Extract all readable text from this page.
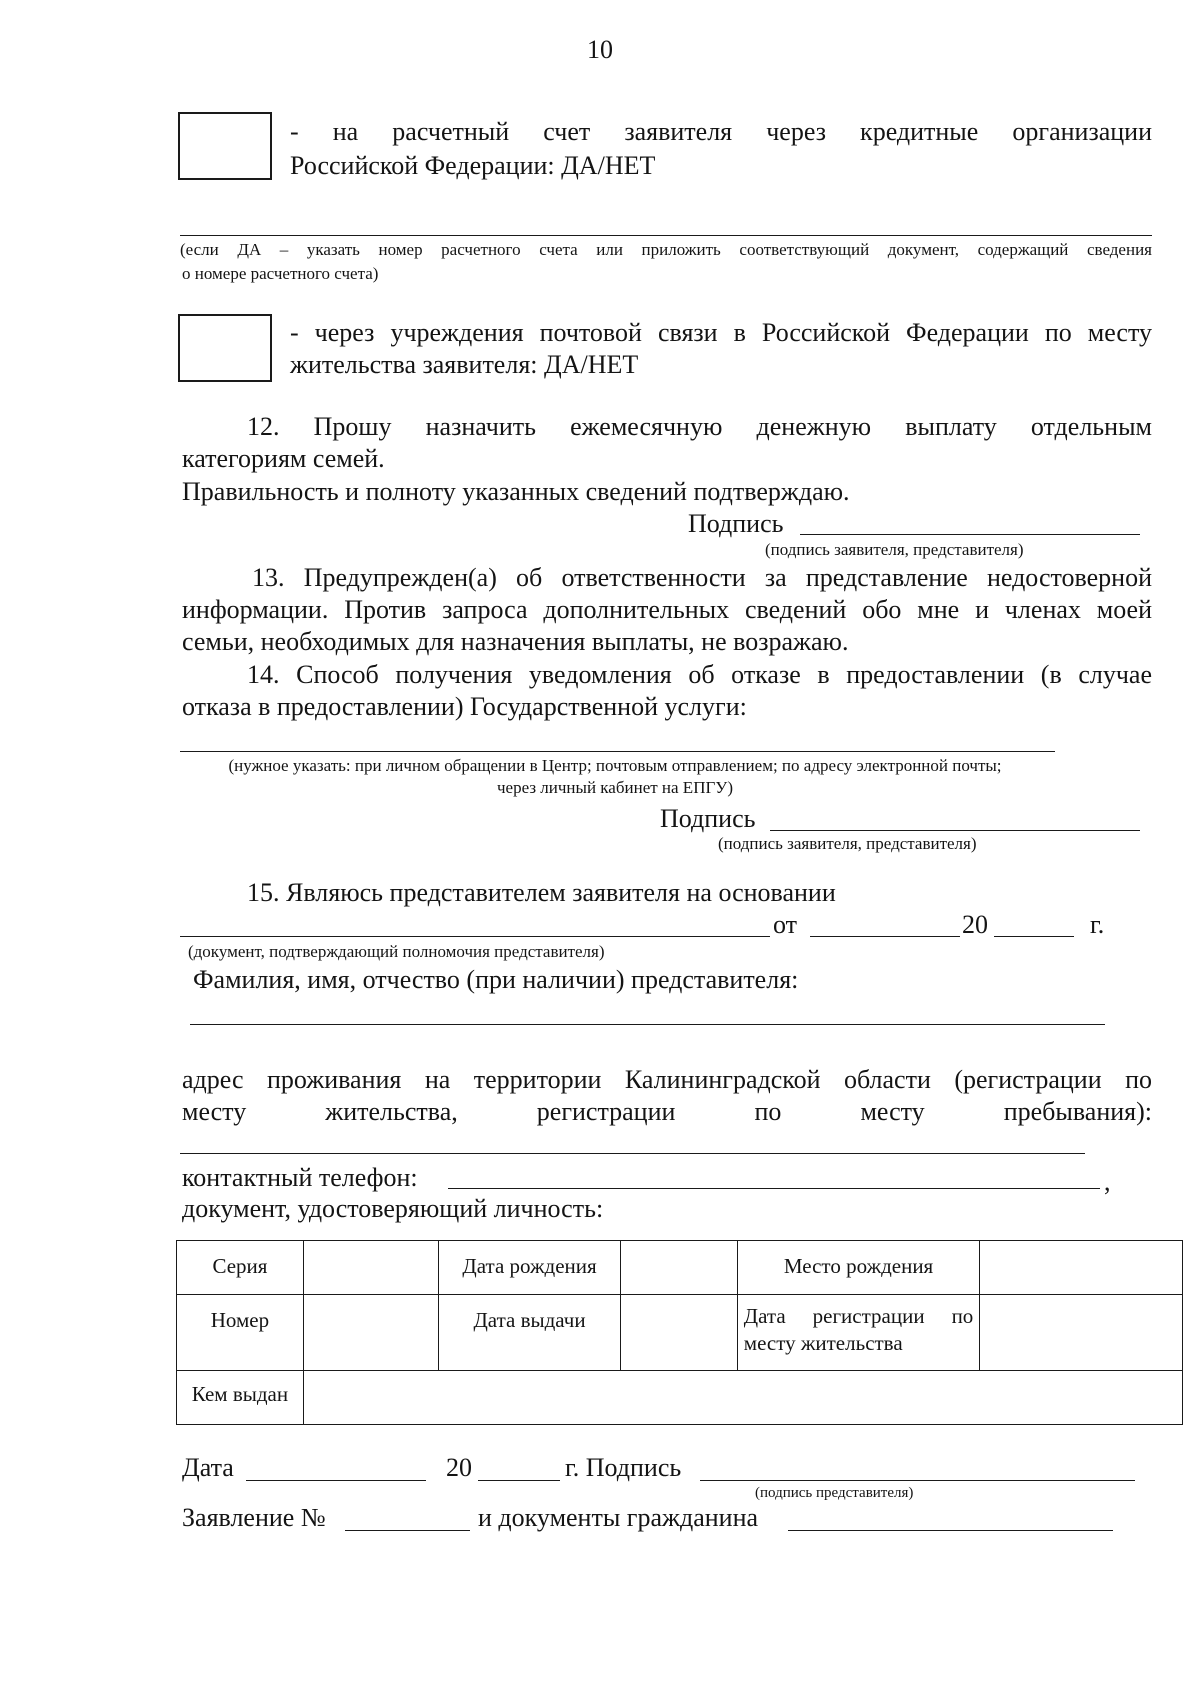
10
- на расчетный счет заявителя через кредитные организации
Российской Федерации: ДА/НЕТ
(если ДА – указать номер расчетного счета или приложить соответствующий документ, содержащий сведения
о номере расчетного счета)
- через учреждения почтовой связи в Российской Федерации по месту
жительства заявителя: ДА/НЕТ
12. Прошу назначить ежемесячную денежную выплату отдельным
категориям семей.
Правильность и полноту указанных сведений подтверждаю.
Подпись
(подпись заявителя, представителя)
13. Предупрежден(а) об ответственности за представление недостоверной
информации. Против запроса дополнительных сведений обо мне и членах моей
семьи, необходимых для назначения выплаты, не возражаю.
14. Способ получения уведомления об отказе в предоставлении (в случае
отказа в предоставлении) Государственной услуги:
(нужное указать: при личном обращении в Центр; почтовым отправлением; по адресу электронной почты;
через личный кабинет на ЕПГУ)
Подпись
(подпись заявителя, представителя)
15. Являюсь представителем заявителя на основании
от	20	г.
(документ, подтверждающий полномочия представителя)
Фамилия, имя, отчество (при наличии) представителя:
адрес проживания на территории Калининградской области (регистрации по
месту жительства, регистрации по месту пребывания):
контактный телефон:	,
документ, удостоверяющий личность:
Серия		Дата рождения		Место рождения	
Номер		Дата выдачи		Дата регистрации по месту жительства	
Кем выдан					
Дата	20	г. Подпись
(подпись представителя)
Заявление №	и документы гражданина
